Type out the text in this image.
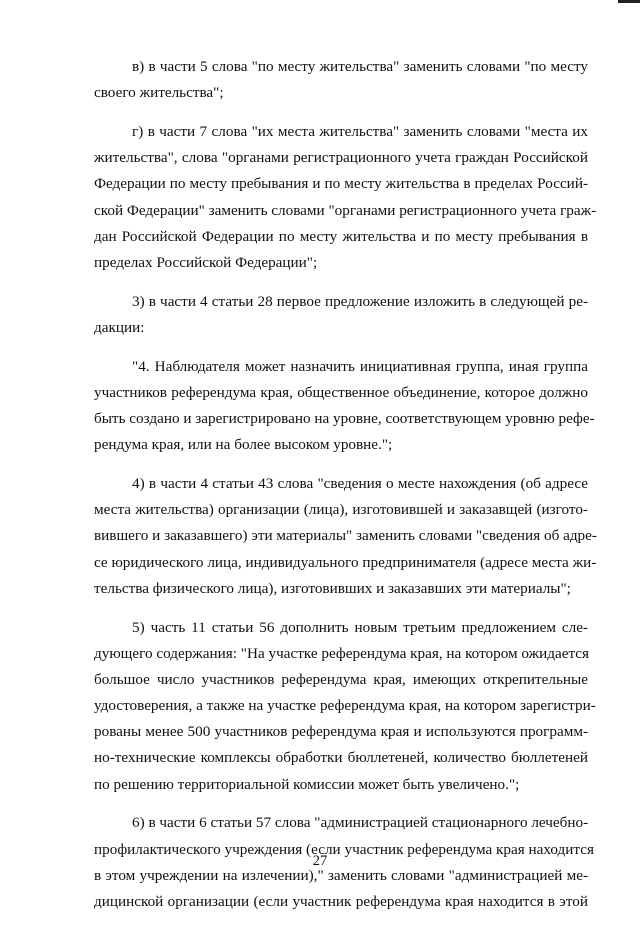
в) в части 5 слова "по месту жительства" заменить словами "по месту
своего жительства";
г) в части 7 слова "их места жительства" заменить словами "места их
жительства", слова "органами регистрационного учета граждан Российской
Федерации по месту пребывания и по месту жительства в пределах Россий-
ской Федерации" заменить словами "органами регистрационного учета граж-
дан Российской Федерации по месту жительства и по месту пребывания в
пределах Российской Федерации";
3) в части 4 статьи 28 первое предложение изложить в следующей ре-
дакции:
"4. Наблюдателя может назначить инициативная группа, иная группа
участников референдума края, общественное объединение, которое должно
быть создано и зарегистрировано на уровне, соответствующем уровню рефе-
рендума края, или на более высоком уровне.";
4) в части 4 статьи 43 слова "сведения о месте нахождения (об адресе
места жительства) организации (лица), изготовившей и заказавщей (изгото-
вившего и заказавшего) эти материалы" заменить словами "сведения об адре-
се юридического лица, индивидуального предпринимателя (адресе места жи-
тельства физического лица), изготовивших и заказавших эти материалы";
5) часть 11 статьи 56 дополнить новым третьим предложением сле-
дующего содержания: "На участке референдума края, на котором ожидается
большое число участников референдума края, имеющих открепительные
удостоверения, а также на участке референдума края, на котором зарегистри-
рованы менее 500 участников референдума края и используются программ-
но-технические комплексы обработки бюллетеней, количество бюллетеней
по решению территориальной комиссии может быть увеличено.";
6) в части 6 статьи 57 слова "администрацией стационарного лечебно-
профилактического учреждения (если участник референдума края находится
в этом учреждении на излечении)," заменить словами "администрацией ме-
дицинской организации (если участник референдума края находится в этой
27
